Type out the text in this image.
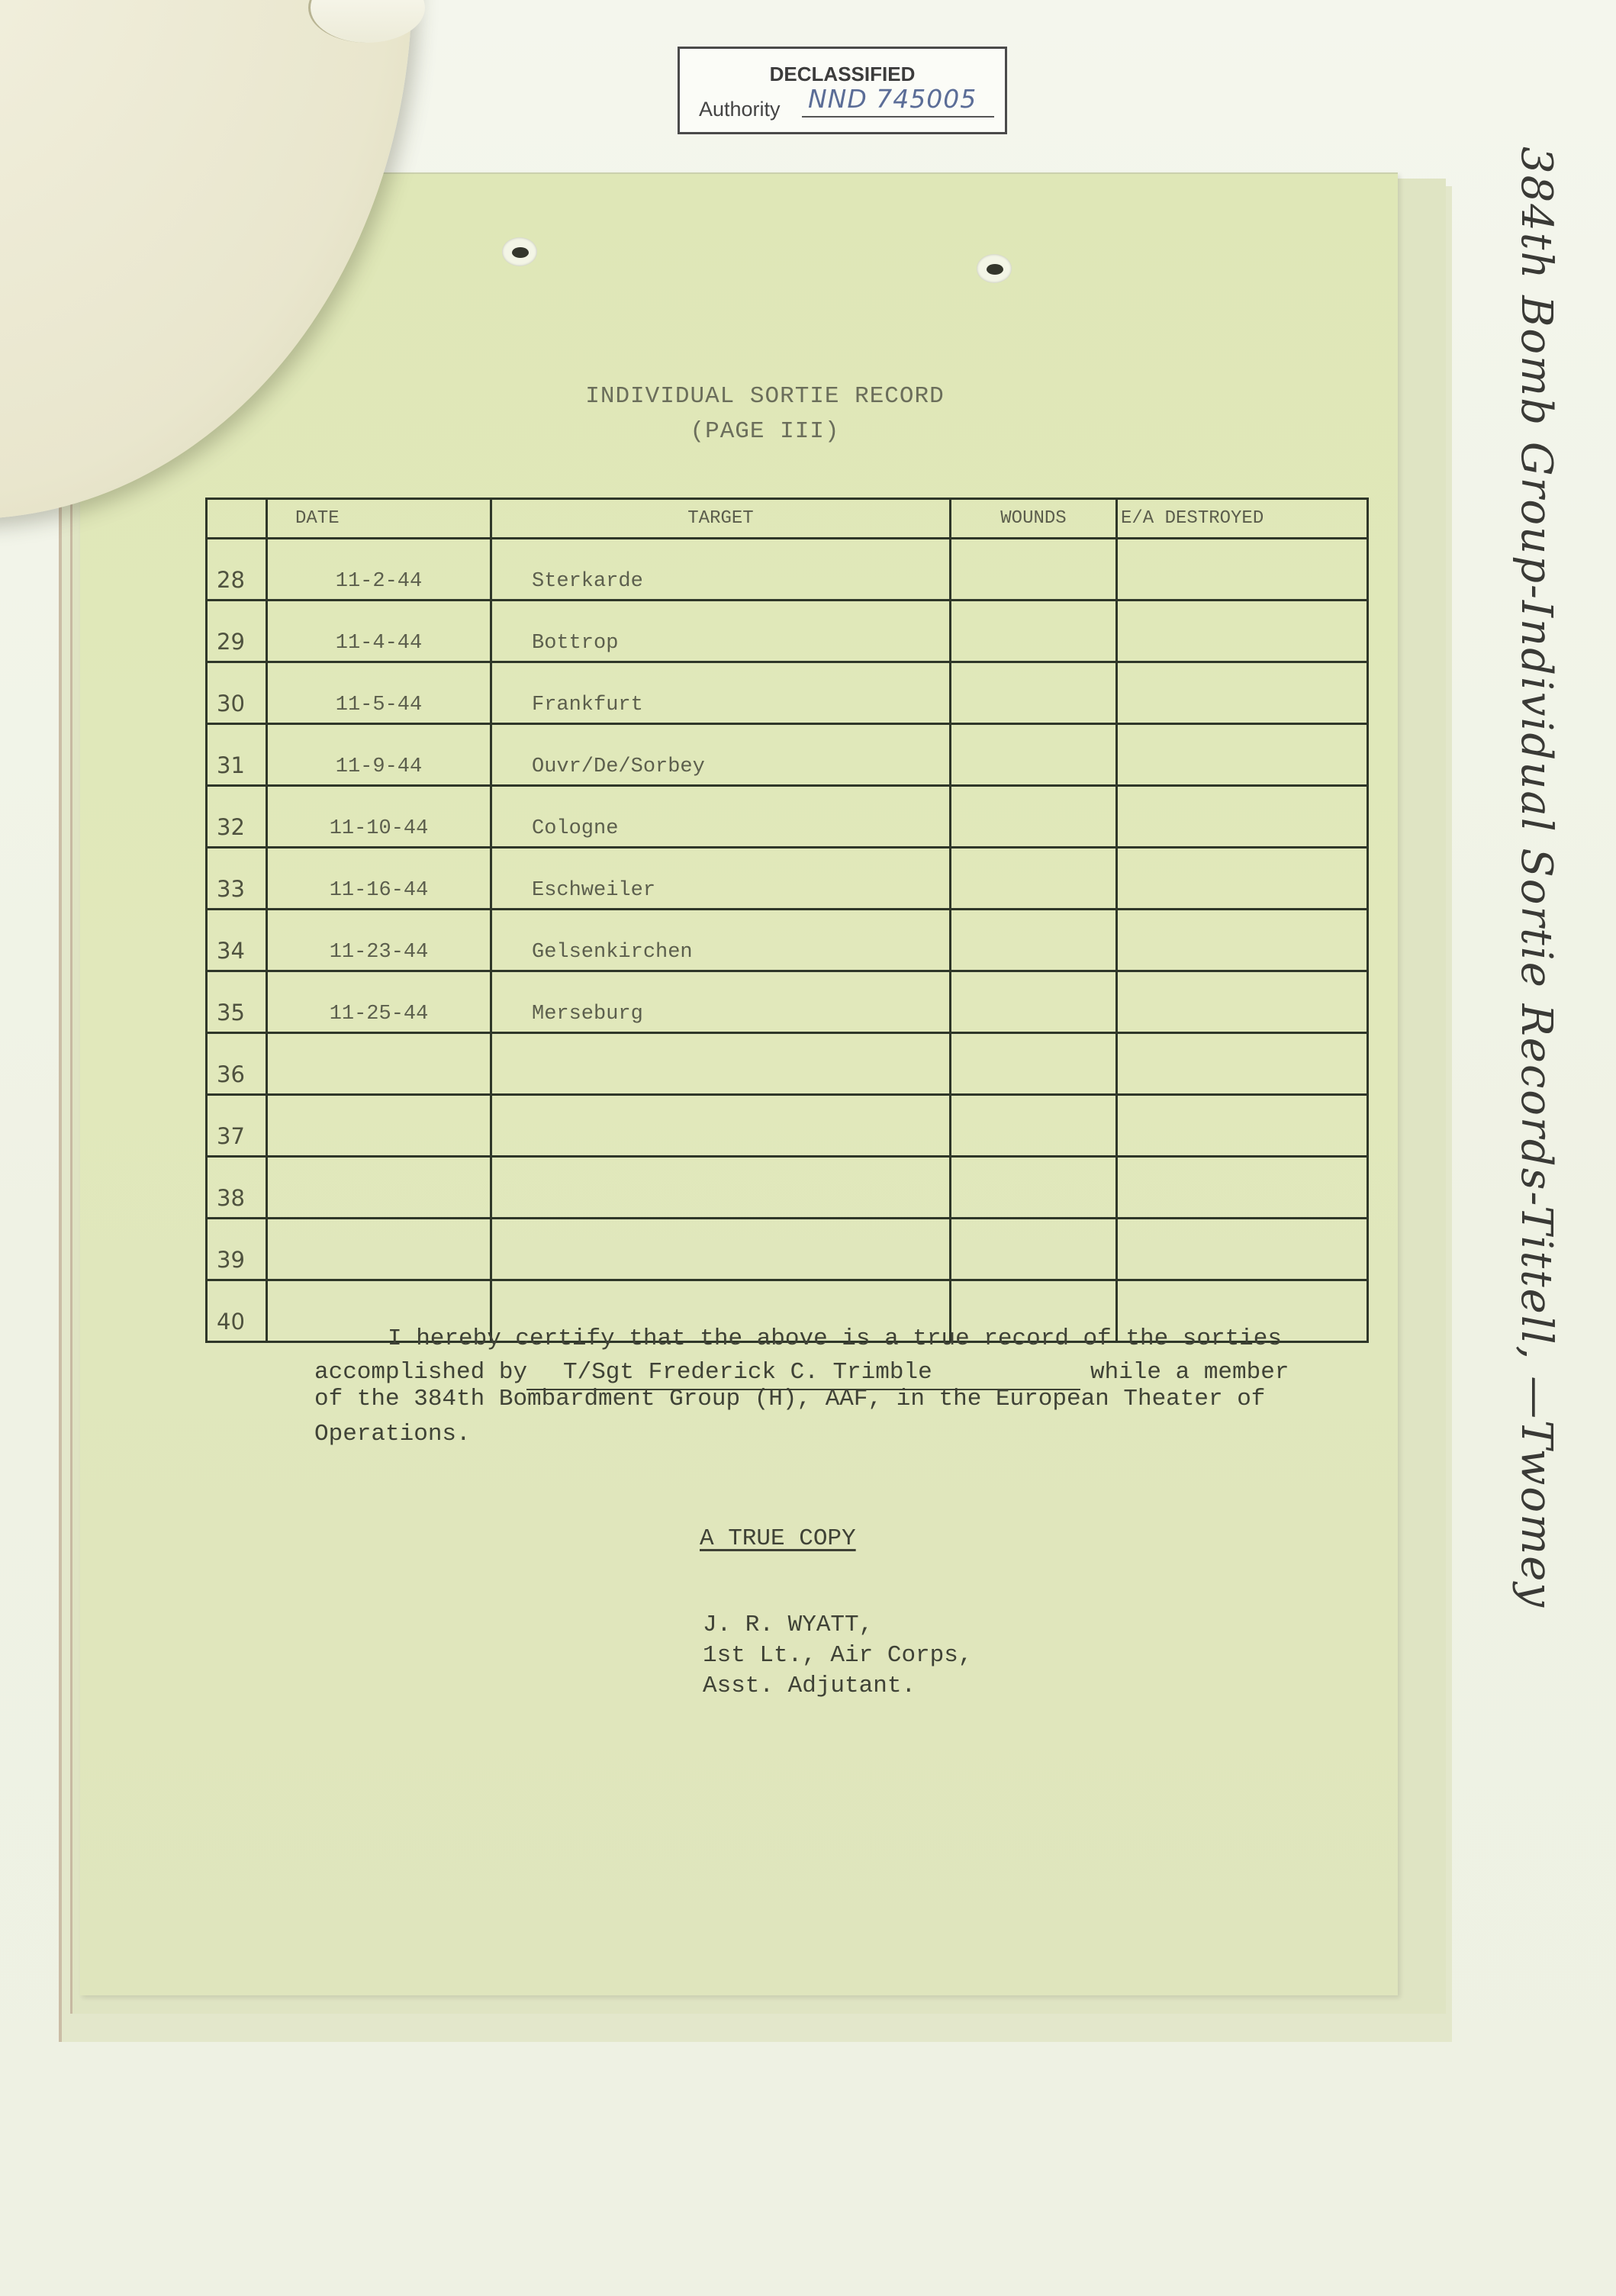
DECLASSIFIED
Authority NND 745005
INDIVIDUAL SORTIE RECORD
(PAGE III)
	DATE	TARGET	WOUNDS	E/A DESTROYED
28	11-2-44	Sterkarde		
29	11-4-44	Bottrop		
30	11-5-44	Frankfurt		
31	11-9-44	Ouvr/De/Sorbey		
32	11-10-44	Cologne		
33	11-16-44	Eschweiler		
34	11-23-44	Gelsenkirchen		
35	11-25-44	Merseburg		
36				
37				
38				
39				
40				
I hereby certify that the above is a true record of the sorties
accomplished by	T/Sgt Frederick C. Trimble	while a member
of the 384th Bombardment Group (H), AAF, in the European Theater of
Operations.
A TRUE COPY
J. R. WYATT,
1st Lt., Air Corps,
Asst. Adjutant.
384th Bomb Group-Individual Sortie Records-Tittell, —Twomey
